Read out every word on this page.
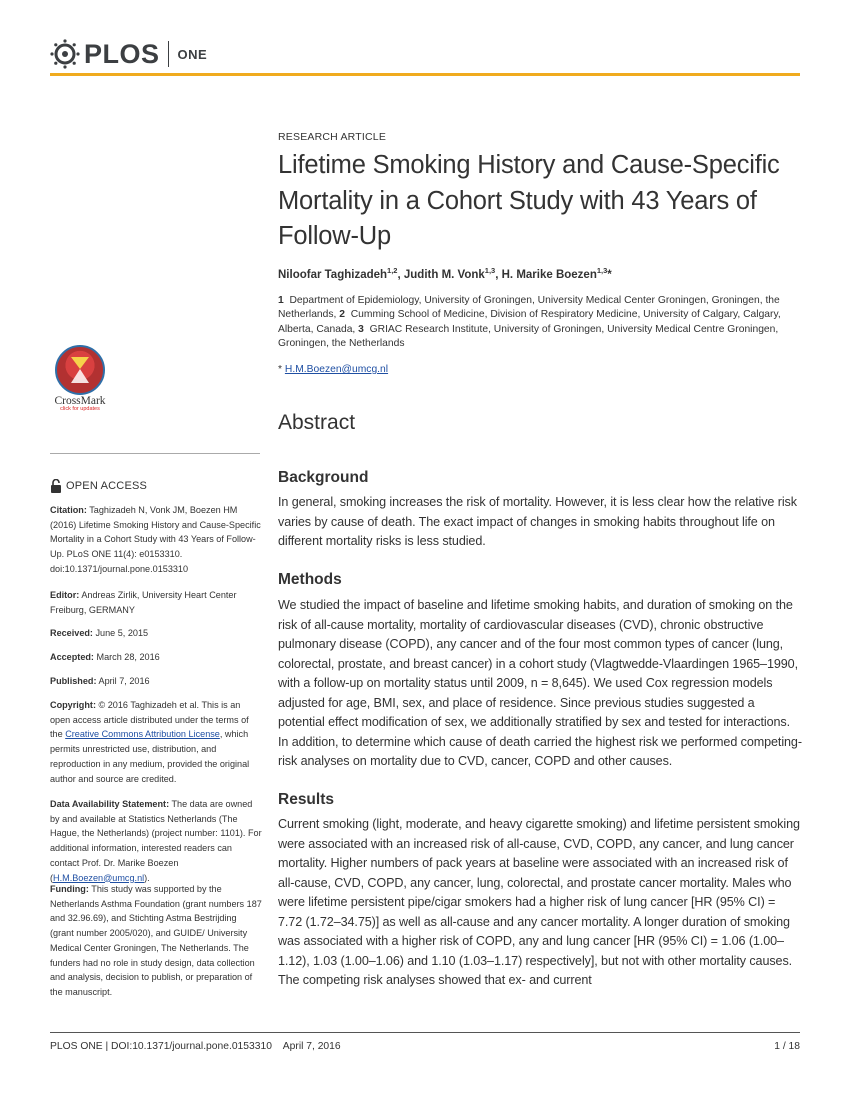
PLOS ONE
RESEARCH ARTICLE
Lifetime Smoking History and Cause-Specific Mortality in a Cohort Study with 43 Years of Follow-Up
Niloofar Taghizadeh$^{1,2}$, Judith M. Vonk$^{1,3}$, H. Marike Boezen$^{1,3}$*

1 Department of Epidemiology, University of Groningen, University Medical Center Groningen, Groningen, the Netherlands, 2 Cumming School of Medicine, Division of Respiratory Medicine, University of Calgary, Calgary, Alberta, Canada, 3 GRIAC Research Institute, University of Groningen, University Medical Centre Groningen, Groningen, the Netherlands

* H.M.Boezen@umcg.nl
Abstract
Background

In general, smoking increases the risk of mortality. However, it is less clear how the relative risk varies by cause of death. The exact impact of changes in smoking habits throughout life on different mortality risks is less studied.

Methods

We studied the impact of baseline and lifetime smoking habits, and duration of smoking on the risk of all-cause mortality, mortality of cardiovascular diseases (CVD), chronic obstructive pulmonary disease (COPD), any cancer and of the four most common types of cancer (lung, colorectal, prostate, and breast cancer) in a cohort study (Vlagtwedde-Vlaardingen 1965–1990, with a follow-up on mortality status until 2009, n = 8,645). We used Cox regression models adjusted for age, BMI, sex, and place of residence. Since previous studies suggested a potential effect modification of sex, we additionally stratified by sex and tested for interactions. In addition, to determine which cause of death carried the highest risk we performed competing-risk analyses on mortality due to CVD, cancer, COPD and other causes.

Results

Current smoking (light, moderate, and heavy cigarette smoking) and lifetime persistent smoking were associated with an increased risk of all-cause, CVD, COPD, any cancer, and lung cancer mortality. Higher numbers of pack years at baseline were associated with an increased risk of all-cause, CVD, COPD, any cancer, lung, colorectal, and prostate cancer mortality. Males who were lifetime persistent pipe/cigar smokers had a higher risk of lung cancer [HR (95% CI) = 7.72 (1.72–34.75)] as well as all-cause and any cancer mortality. A longer duration of smoking was associated with a higher risk of COPD, any and lung cancer [HR (95% CI) = 1.06 (1.00–1.12), 1.03 (1.00–1.06) and 1.10 (1.03–1.17) respectively], but not with other mortality causes. The competing risk analyses showed that ex- and current

CrossMark
click for updates
OPEN ACCESS

Citation: Taghizadeh N, Vonk JM, Boezen HM (2016) Lifetime Smoking History and Cause-Specific Mortality in a Cohort Study with 43 Years of Follow-Up. PLoS ONE 11(4): e0153310. doi:10.1371/journal.pone.0153310

Editor: Andreas Zirlik, University Heart Center Freiburg, GERMANY

Received: June 5, 2015

Accepted: March 28, 2016

Published: April 7, 2016

Copyright: © 2016 Taghizadeh et al. This is an open access article distributed under the terms of the Creative Commons Attribution License, which permits unrestricted use, distribution, and reproduction in any medium, provided the original author and source are credited.

Data Availability Statement: The data are owned by and available at Statistics Netherlands (The Hague, the Netherlands) (project number: 1101). For additional information, interested readers can contact Prof. Dr. Marike Boezen (H.M.Boezen@umcg.nl).

Funding: This study was supported by the Netherlands Asthma Foundation (grant numbers 187 and 32.96.69), and Stichting Astma Bestrijding (grant number 2005/020), and GUIDE/ University Medical Center Groningen, The Netherlands. The funders had no role in study design, data collection and analysis, decision to publish, or preparation of the manuscript.

PLOS ONE | DOI:10.1371/journal.pone.0153310    April 7, 2016	1 / 18
